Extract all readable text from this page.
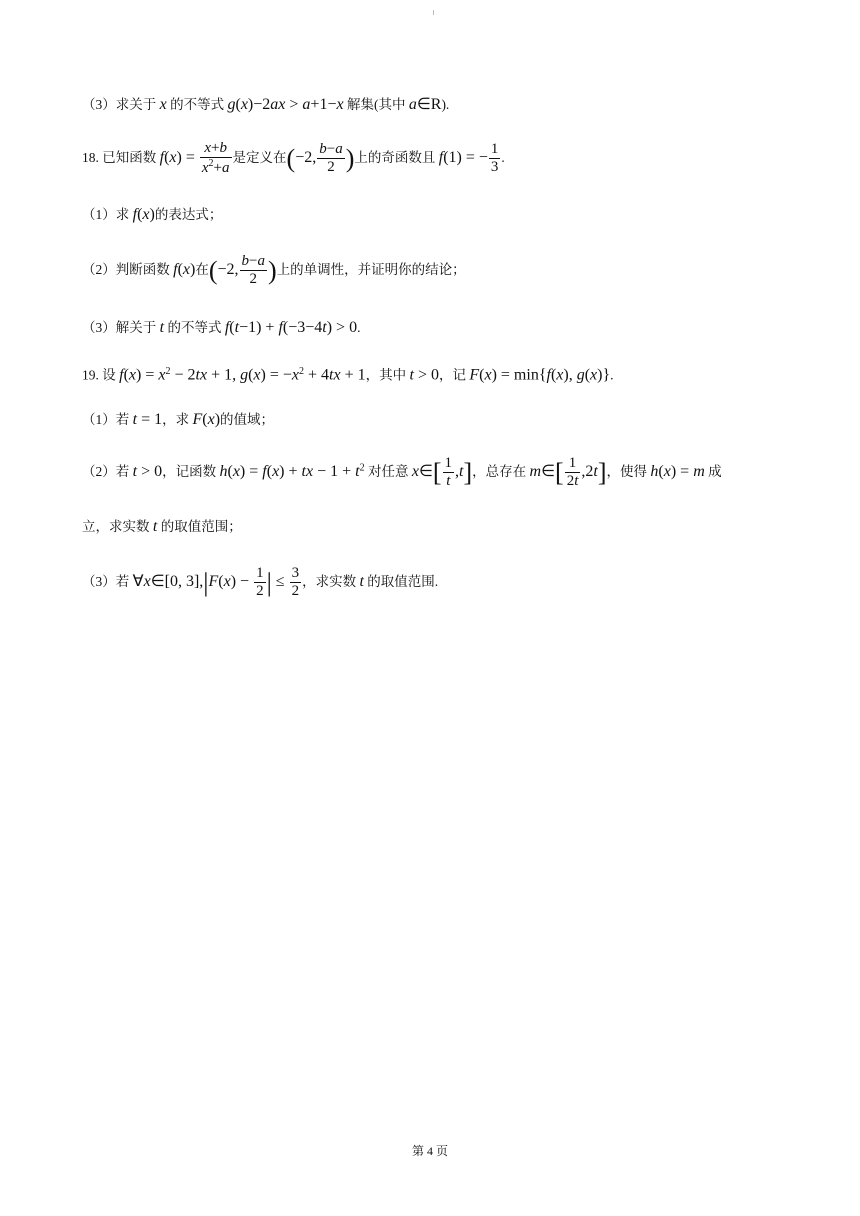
（3）求关于 x 的不等式 g(x)−2ax > a+1−x 解集(其中 a∈R).
18. 已知函数 $f(x) = \frac{x+b}{x^2+a}$ 是定义在(−2, $\frac{b-a}{2}$ )上的奇函数且 f(1) = − $\frac{1}{3}$ .
（1）求 f(x)的表达式；
（2）判断函数 f(x)在(−2, $\frac{b-a}{2}$ )上的单调性，并证明你的结论；
（3）解关于 t 的不等式 f(t−1) + f(−3−4t) > 0.
19. 设 $f(x) = x^2 - 2tx + 1$, $g(x) = -x^2 + 4tx + 1$，其中 t > 0，记 F(x) = min{f(x), g(x)}.
（1）若 t = 1，求 F(x)的值域；
（2）若 t > 0，记函数 h(x) = f(x) + tx − $1 + t^2$ 对任意 x∈[ $\frac{1}{t} ,t$]，总存在 m∈[ $\frac{1}{2t} ,2t$]，使得 h(x) = m 成
立，求实数 t 的取值范围；
（3）若 ∀x∈[0, $3],|F(x) - \frac{1}{2}$ | ≤ $\frac{3}{2}$ ，求实数 t 的取值范围.
第 4 页
